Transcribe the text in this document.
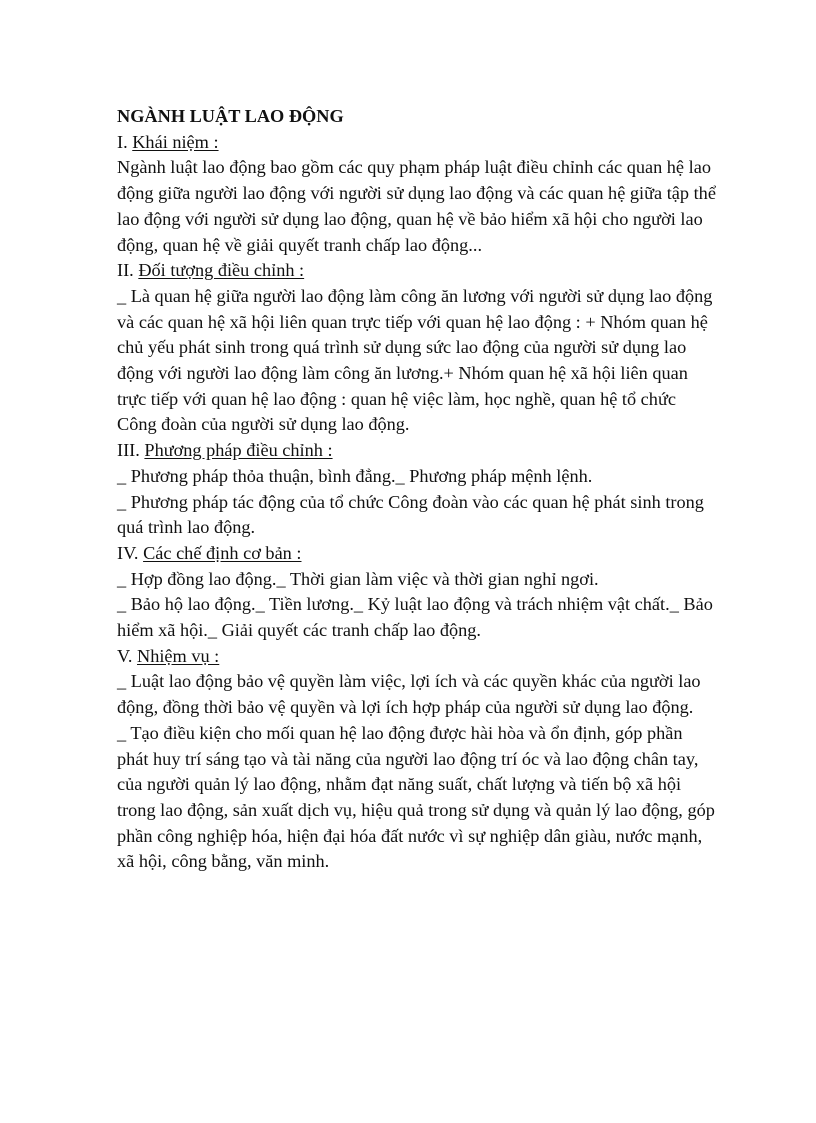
NGÀNH LUẬT LAO ĐỘNG

I. Khái niệm :

Ngành luật lao động bao gồm các quy phạm pháp luật điều chỉnh các quan hệ lao động giữa người lao động với người sử dụng lao động và các quan hệ giữa tập thể lao động với người sử dụng lao động, quan hệ về bảo hiểm xã hội cho người lao động, quan hệ về giải quyết tranh chấp lao động...

II. Đối tượng điều chỉnh :

_ Là quan hệ giữa người lao động làm công ăn lương với người sử dụng lao động và các quan hệ xã hội liên quan trực tiếp với quan hệ lao động : + Nhóm quan hệ chủ yếu phát sinh trong quá trình sử dụng sức lao động của người sử dụng lao động với người lao động làm công ăn lương.+ Nhóm quan hệ xã hội liên quan trực tiếp với quan hệ lao động : quan hệ việc làm, học nghề, quan hệ tổ chức Công đoàn của người sử dụng lao động.

III. Phương pháp điều chỉnh :

_ Phương pháp thỏa thuận, bình đẳng._ Phương pháp mệnh lệnh.

_ Phương pháp tác động của tổ chức Công đoàn vào các quan hệ phát sinh trong quá trình lao động.

IV. Các chế định cơ bản :

_ Hợp đồng lao động._ Thời gian làm việc và thời gian nghỉ ngơi.

_ Bảo hộ lao động._ Tiền lương._ Kỷ luật lao động và trách nhiệm vật chất._ Bảo hiểm xã hội._ Giải quyết các tranh chấp lao động.

V. Nhiệm vụ :

_ Luật lao động bảo vệ quyền làm việc, lợi ích và các quyền khác của người lao động, đồng thời bảo vệ quyền và lợi ích hợp pháp của người sử dụng lao động.

_ Tạo điều kiện cho mối quan hệ lao động được hài hòa và ổn định, góp phần phát huy trí sáng tạo và tài năng của người lao động trí óc và lao động chân tay, của người quản lý lao động, nhằm đạt năng suất, chất lượng và tiến bộ xã hội trong lao động, sản xuất dịch vụ, hiệu quả trong sử dụng và quản lý lao động, góp phần công nghiệp hóa, hiện đại hóa đất nước vì sự nghiệp dân giàu, nước mạnh, xã hội, công bằng, văn minh.
